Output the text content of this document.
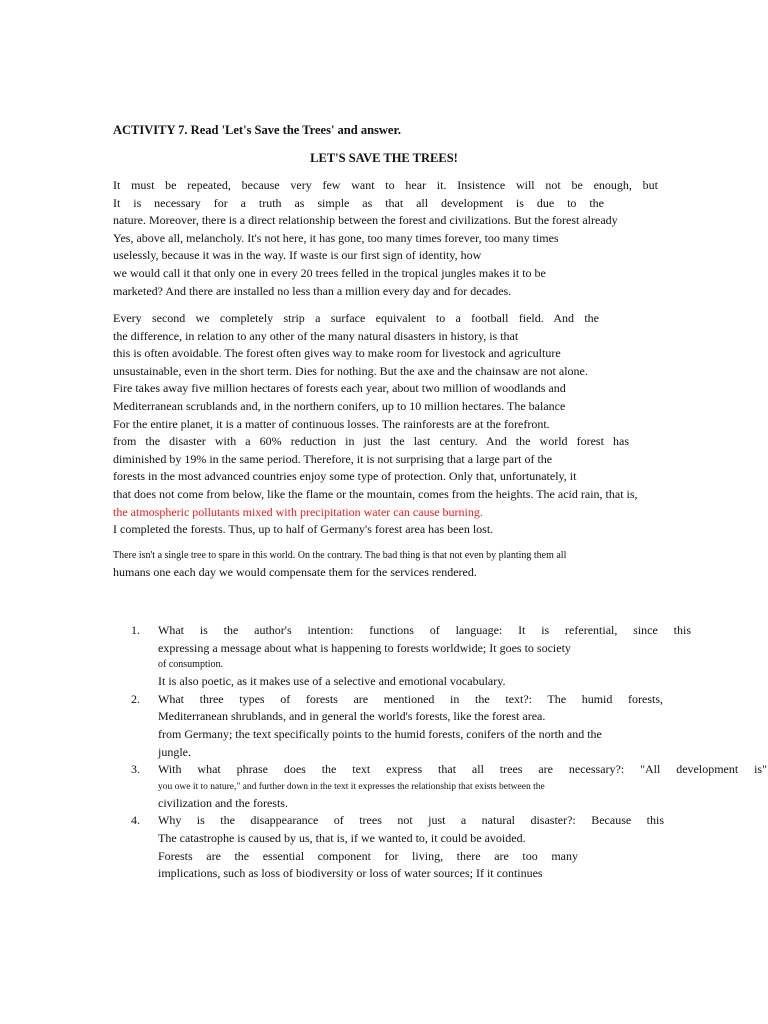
ACTIVITY 7. Read 'Let's Save the Trees' and answer.
LET'S SAVE THE TREES!
It must be repeated, because very few want to hear it. Insistence will not be enough, but
It is necessary for a truth as simple as that all development is due to the
nature. Moreover, there is a direct relationship between the forest and civilizations. But the forest already
Yes, above all, melancholy. It's not here, it has gone, too many times forever, too many times
uselessly, because it was in the way. If waste is our first sign of identity, how
we would call it that only one in every 20 trees felled in the tropical jungles makes it to be
marketed? And there are installed no less than a million every day and for decades.
Every second we completely strip a surface equivalent to a football field. And the
the difference, in relation to any other of the many natural disasters in history, is that
this is often avoidable. The forest often gives way to make room for livestock and agriculture
unsustainable, even in the short term. Dies for nothing. But the axe and the chainsaw are not alone.
Fire takes away five million hectares of forests each year, about two million of woodlands and
Mediterranean scrublands and, in the northern conifers, up to 10 million hectares. The balance
For the entire planet, it is a matter of continuous losses. The rainforests are at the forefront.
from the disaster with a 60% reduction in just the last century. And the world forest has
diminished by 19% in the same period. Therefore, it is not surprising that a large part of the
forests in the most advanced countries enjoy some type of protection. Only that, unfortunately, it
that does not come from below, like the flame or the mountain, comes from the heights. The acid rain, that is,
the atmospheric pollutants mixed with precipitation water can cause burning.
I completed the forests. Thus, up to half of Germany's forest area has been lost.
There isn't a single tree to spare in this world. On the contrary. The bad thing is that not even by planting them all
humans one each day we would compensate them for the services rendered.
1. What is the author's intention: functions of language: It is referential, since this
expressing a message about what is happening to forests worldwide; It goes to society
of consumption.
It is also poetic, as it makes use of a selective and emotional vocabulary.
2. What three types of forests are mentioned in the text?: The humid forests,
Mediterranean shrublands, and in general the world's forests, like the forest area.
from Germany; the text specifically points to the humid forests, conifers of the north and the
jungle.
3. With what phrase does the text express that all trees are necessary?: "All development is"
you owe it to nature," and further down in the text it expresses the relationship that exists between the
civilization and the forests.
4. Why is the disappearance of trees not just a natural disaster?: Because this
The catastrophe is caused by us, that is, if we wanted to, it could be avoided.
Forests are the essential component for living, there are too many
implications, such as loss of biodiversity or loss of water sources; If it continues
